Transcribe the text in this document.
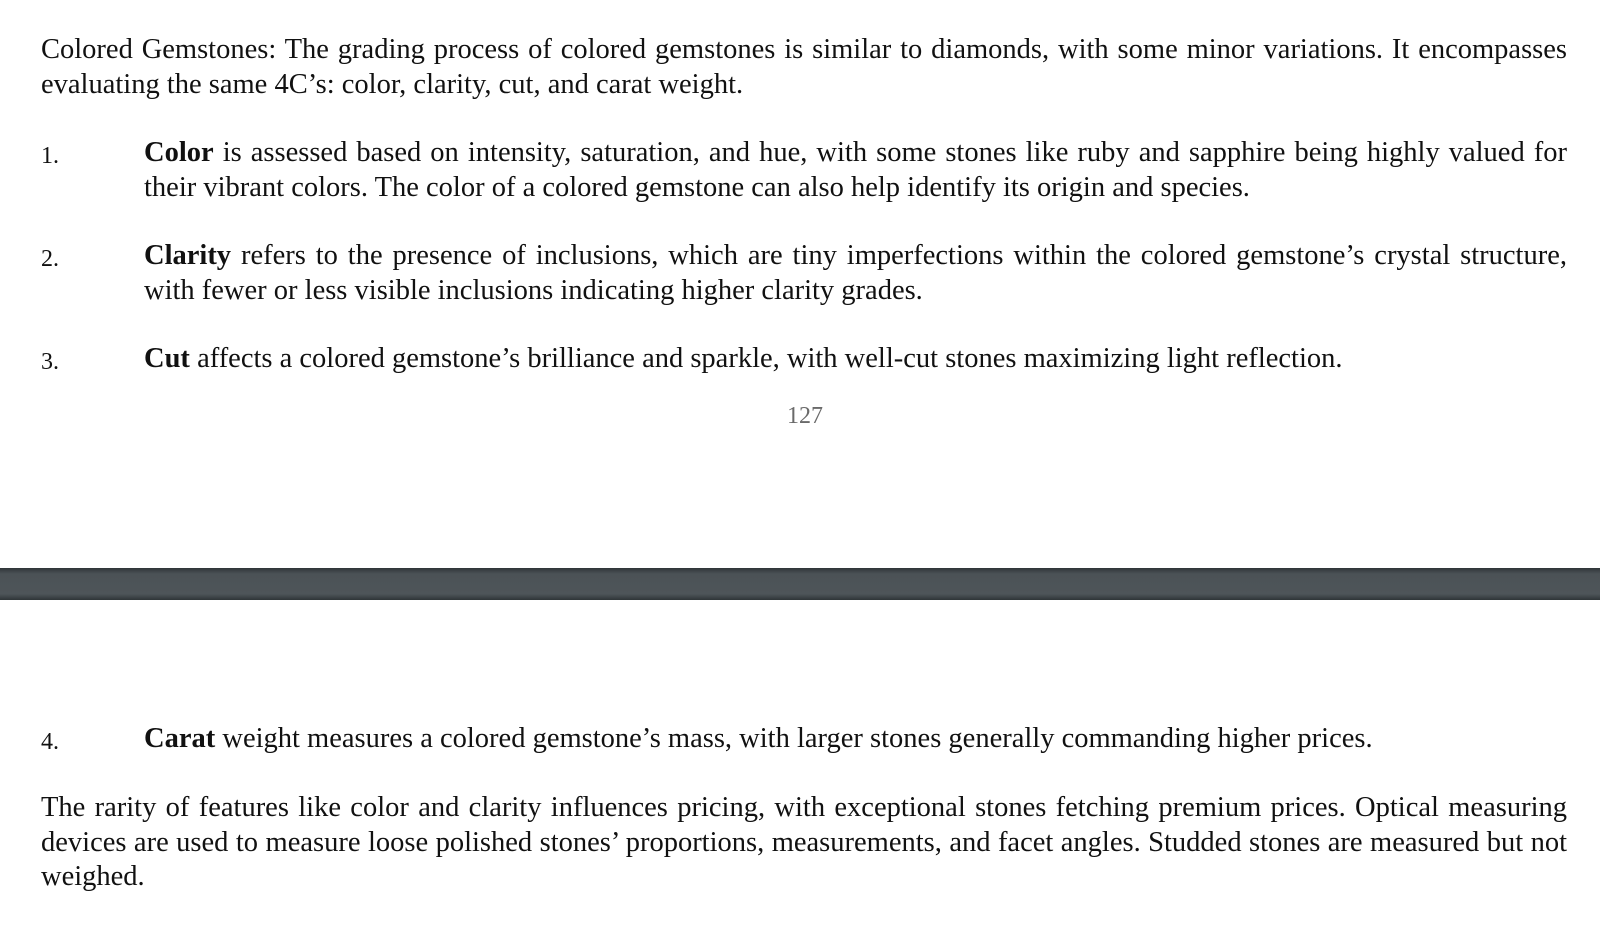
Colored Gemstones: The grading process of colored gemstones is similar to diamonds, with some minor variations. It encompasses evaluating the same 4C’s: color, clarity, cut, and carat weight.

1.	Color is assessed based on intensity, saturation, and hue, with some stones like ruby and sapphire being highly valued for their vibrant colors. The color of a colored gemstone can also help identify its origin and species.
2.	Clarity refers to the presence of inclusions, which are tiny imperfections within the colored gemstone’s crystal structure, with fewer or less visible inclusions indicating higher clarity grades.
3.	Cut affects a colored gemstone’s brilliance and sparkle, with well-cut stones maximizing light reflection.
127
4.	Carat weight measures a colored gemstone’s mass, with larger stones generally commanding higher prices.

The rarity of features like color and clarity influences pricing, with exceptional stones fetching premium prices. Optical measuring devices are used to measure loose polished stones’ proportions, measurements, and facet angles. Studded stones are measured but not weighed.
